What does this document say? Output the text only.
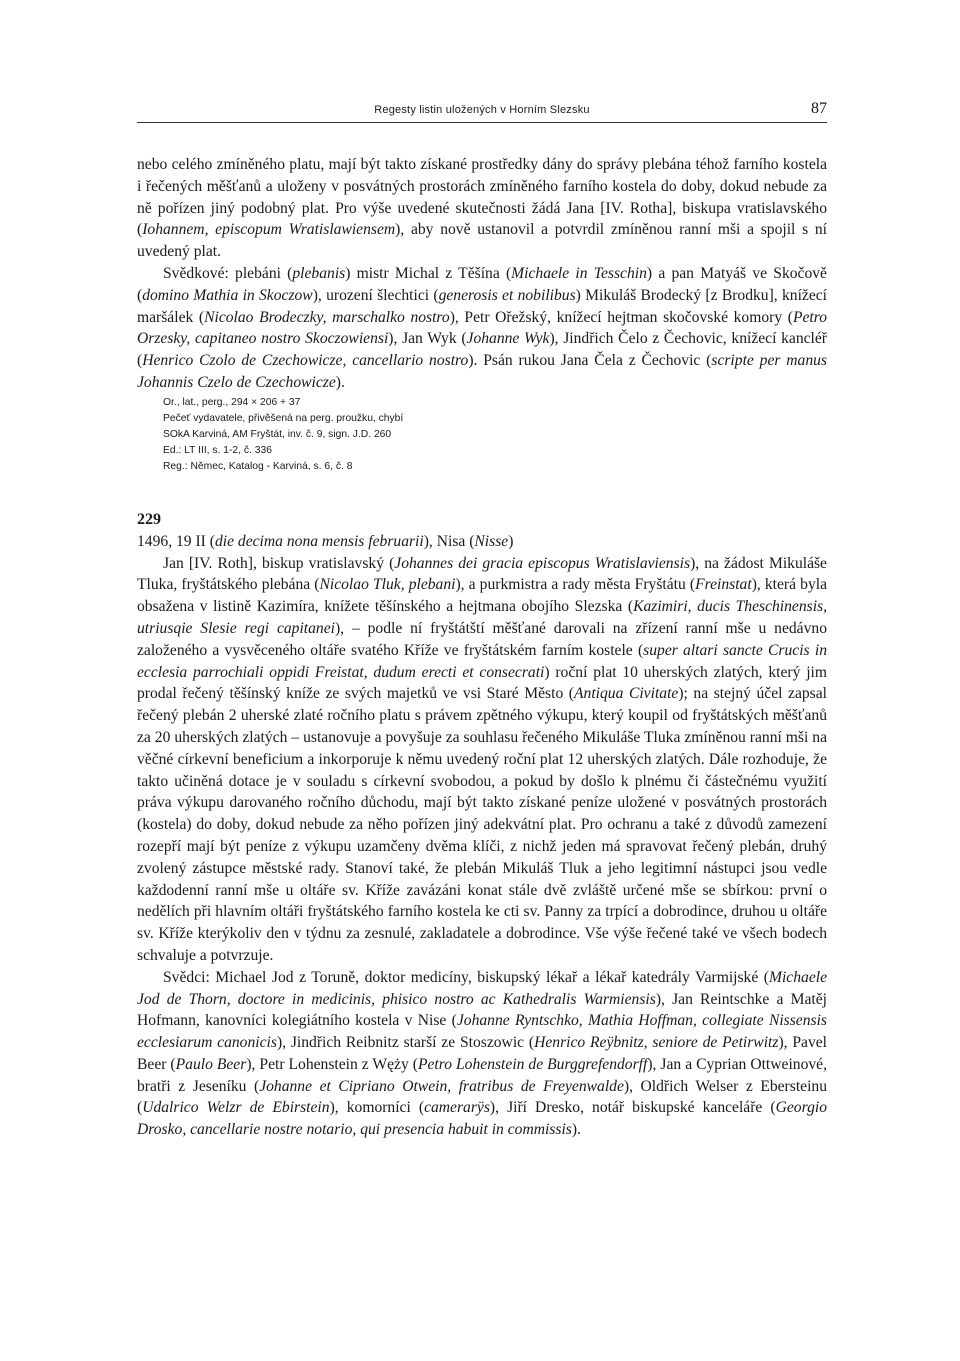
Regesty listin uložených v Horním Slezsku	87

nebo celého zmíněného platu, mají být takto získané prostředky dány do správy plebána téhož farního kostela i řečených měšťanů a uloženy v posvátných prostorách zmíněného farního kostela do doby, dokud nebude za ně pořízen jiný podobný plat. Pro výše uvedené skutečnosti žádá Jana [IV. Rotha], biskupa vratislavského (Iohannem, episcopum Wratislawiensem), aby nově ustanovil a potvrdil zmíněnou ranní mši a spojil s ní uvedený plat.

Svědkové: plebáni (plebanis) mistr Michal z Těšína (Michaele in Tesschin) a pan Matyáš ve Skočově (domino Mathia in Skoczow), urození šlechtici (generosis et nobilibus) Mikuláš Brodecký [z Brodku], knížecí maršálek (Nicolao Brodeczky, marschalko nostro), Petr Ořežský, knížecí hejtman skočovské komory (Petro Orzesky, capitaneo nostro Skoczowiensi), Jan Wyk (Johanne Wyk), Jindřich Čelo z Čechovic, knížecí kancléř (Henrico Czolo de Czechowicze, cancellario nostro). Psán rukou Jana Čela z Čechovic (scripte per manus Johannis Czelo de Czechowicze).

Or., lat., perg., 294 × 206 + 37
Pečeť vydavatele, přivěšená na perg. proužku, chybí
SOkA Karviná, AM Fryštát, inv. č. 9, sign. J.D. 260
Ed.: LT III, s. 1-2, č. 336
Reg.: Němec, Katalog - Karviná, s. 6, č. 8
229

1496, 19 II (die decima nona mensis februarii), Nisa (Nisse)

Jan [IV. Roth], biskup vratislavský (Johannes dei gracia episcopus Wratislaviensis), na žádost Mikuláše Tluka, fryštátského plebána (Nicolao Tluk, plebani), a purkmistra a rady města Fryštátu (Freinstat), která byla obsažena v listině Kazimíra, knížete těšínského a hejtmana obojího Slezska (Kazimiri, ducis Theschinensis, utriusqie Slesie regi capitanei), – podle ní fryštátští měšťané darovali na zřízení ranní mše u nedávno založeného a vysvěceného oltáře svatého Kříže ve fryštátském farním kostele (super altari sancte Crucis in ecclesia parrochiali oppidi Freistat, dudum erecti et consecrati) roční plat 10 uherských zlatých, který jim prodal řečený těšínský kníže ze svých majetků ve vsi Staré Město (Antiqua Civitate); na stejný účel zapsal řečený plebán 2 uherské zlaté ročního platu s právem zpětného výkupu, který koupil od fryštátských měšťanů za 20 uherských zlatých – ustanovuje a povyšuje za souhlasu řečeného Mikuláše Tluka zmíněnou ranní mši na věčné církevní beneficium a inkorporuje k němu uvedený roční plat 12 uherských zlatých. Dále rozhoduje, že takto učiněná dotace je v souladu s církevní svobodou, a pokud by došlo k plnému či částečnému využití práva výkupu darovaného ročního důchodu, mají být takto získané peníze uložené v posvátných prostorách (kostela) do doby, dokud nebude za něho pořízen jiný adekvátní plat. Pro ochranu a také z důvodů zamezení rozepří mají být peníze z výkupu uzamčeny dvěma klíči, z nichž jeden má spravovat řečený plebán, druhý zvolený zástupce městské rady. Stanoví také, že plebán Mikuláš Tluk a jeho legitimní nástupci jsou vedle každodenní ranní mše u oltáře sv. Kříže zavázáni konat stále dvě zvláště určené mše se sbírkou: první o nedělích při hlavním oltáři fryštátského farního kostela ke cti sv. Panny za trpící a dobrodince, druhou u oltáře sv. Kříže kterýkoliv den v týdnu za zesnulé, zakladatele a dobrodince. Vše výše řečené také ve všech bodech schvaluje a potvrzuje.

Svědci: Michael Jod z Toruně, doktor medicíny, biskupský lékař a lékař katedrály Varmijské (Michaele Jod de Thorn, doctore in medicinis, phisico nostro ac Kathedralis Warmiensis), Jan Reintschke a Matěj Hofmann, kanovníci kolegiátního kostela v Nise (Johanne Ryntschko, Mathia Hoffman, collegiate Nissensis ecclesiarum canonicis), Jindřich Reibnitz starší ze Stoszowic (Henrico Reÿbnitz, seniore de Petirwitz), Pavel Beer (Paulo Beer), Petr Lohenstein z Wężу (Petro Lohenstein de Burggrefendorff), Jan a Cyprian Ottweinové, bratři z Jeseníku (Johanne et Cipriano Otwein, fratribus de Freyenwalde), Oldřich Welser z Ebersteinu (Udalrico Welzr de Ebirstein), komorníci (camerarÿs), Jiří Dresko, notář biskupské kanceláře (Georgio Drosko, cancellarie nostre notario, qui presencia habuit in commissis).
